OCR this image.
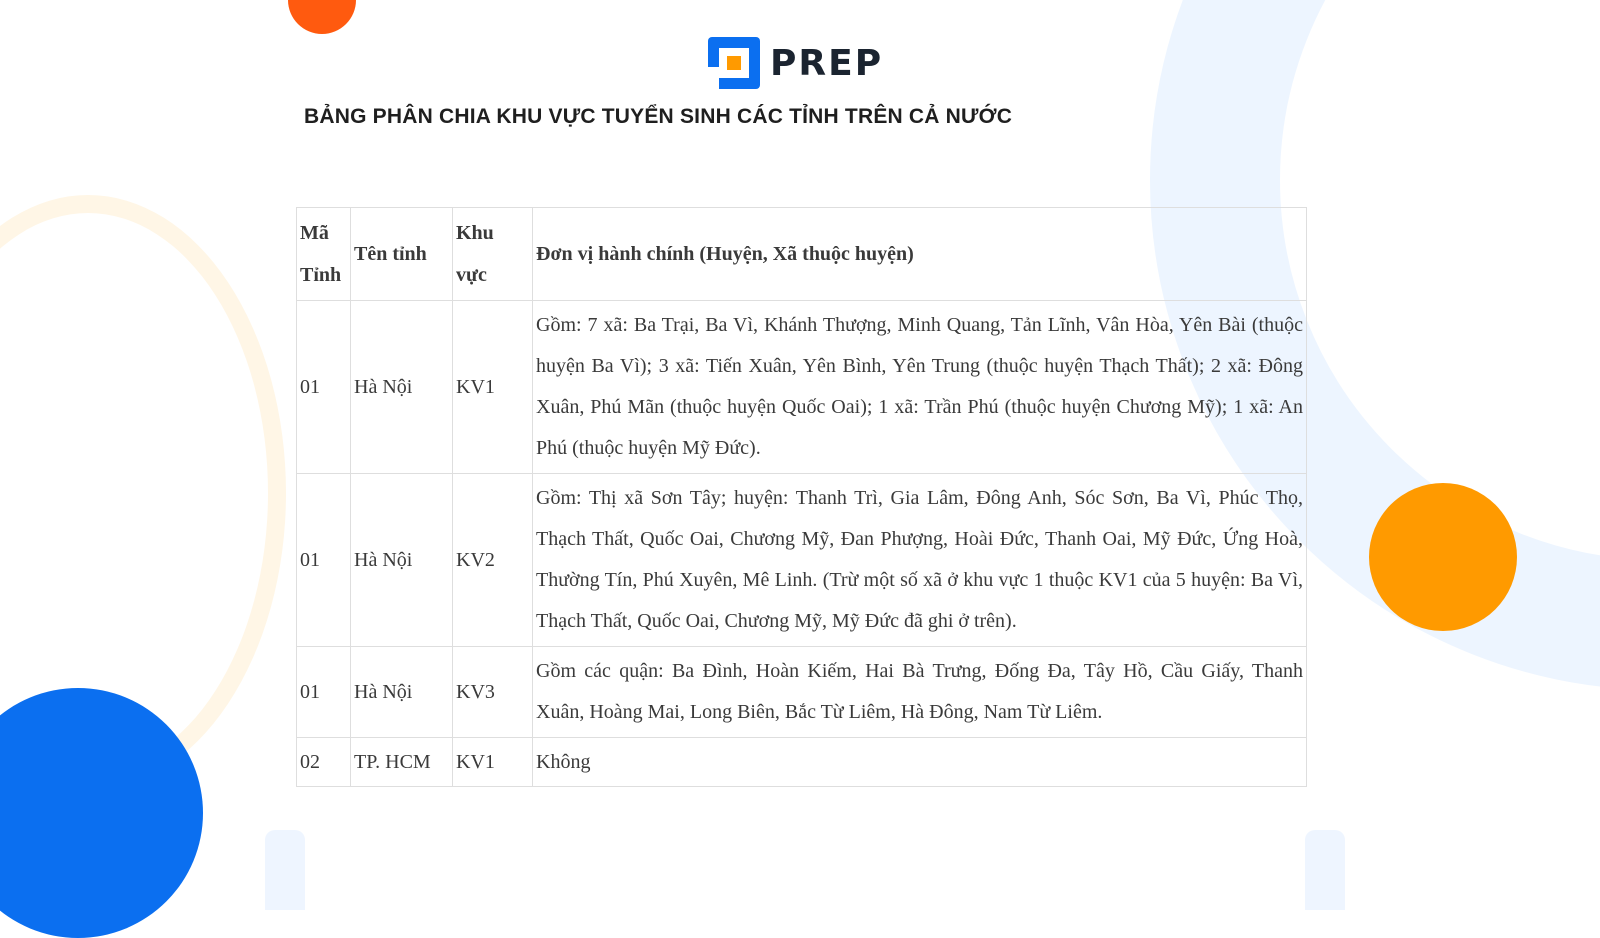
PREP
BẢNG PHÂN CHIA KHU VỰC TUYỂN SINH CÁC TỈNH TRÊN CẢ NƯỚC
Mã Tỉnh	Tên tỉnh	Khu vực	Đơn vị hành chính (Huyện, Xã thuộc huyện)
01	Hà Nội	KV1	Gồm: 7 xã: Ba Trại, Ba Vì, Khánh Thượng, Minh Quang, Tản Lĩnh, Vân Hòa, Yên Bài (thuộc huyện Ba Vì); 3 xã: Tiến Xuân, Yên Bình, Yên Trung (thuộc huyện Thạch Thất); 2 xã: Đông Xuân, Phú Mãn (thuộc huyện Quốc Oai); 1 xã: Trần Phú (thuộc huyện Chương Mỹ); 1 xã: An Phú (thuộc huyện Mỹ Đức).
01	Hà Nội	KV2	Gồm: Thị xã Sơn Tây; huyện: Thanh Trì, Gia Lâm, Đông Anh, Sóc Sơn, Ba Vì, Phúc Thọ, Thạch Thất, Quốc Oai, Chương Mỹ, Đan Phượng, Hoài Đức, Thanh Oai, Mỹ Đức, Ứng Hoà, Thường Tín, Phú Xuyên, Mê Linh. (Trừ một số xã ở khu vực 1 thuộc KV1 của 5 huyện: Ba Vì, Thạch Thất, Quốc Oai, Chương Mỹ, Mỹ Đức đã ghi ở trên).
01	Hà Nội	KV3	Gồm các quận: Ba Đình, Hoàn Kiếm, Hai Bà Trưng, Đống Đa, Tây Hồ, Cầu Giấy, Thanh Xuân, Hoàng Mai, Long Biên, Bắc Từ Liêm, Hà Đông, Nam Từ Liêm.
02	TP. HCM	KV1	Không
